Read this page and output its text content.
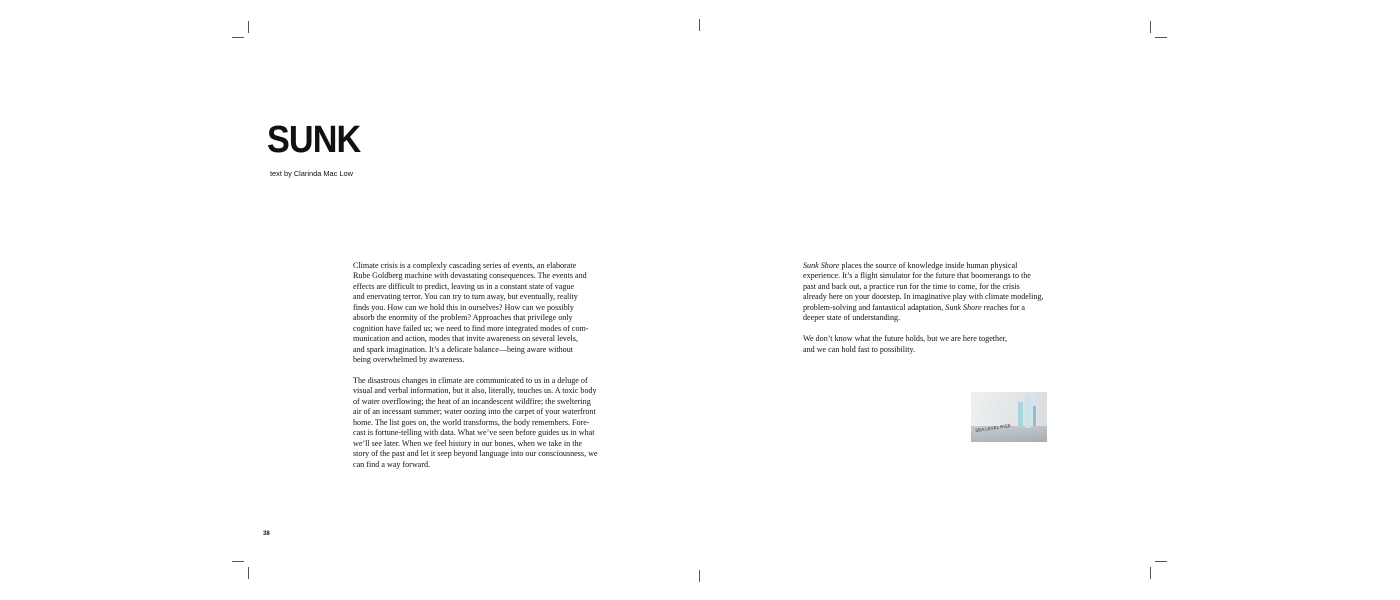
SUNK

text by Clarinda Mac Low

Climate crisis is a complexly cascading series of events, an elaborate
Rube Goldberg machine with devastating consequences. The events and
effects are difficult to predict, leaving us in a constant state of vague
and enervating terror. You can try to turn away, but eventually, reality
finds you. How can we hold this in ourselves? How can we possibly
absorb the enormity of the problem? Approaches that privilege only
cognition have failed us; we need to find more integrated modes of com-
munication and action, modes that invite awareness on several levels,
and spark imagination. It’s a delicate balance—being aware without
being overwhelmed by awareness.
The disastrous changes in climate are communicated to us in a deluge of
visual and verbal information, but it also, literally, touches us. A toxic body
of water overflowing; the heat of an incandescent wildfire; the sweltering
air of an incessant summer; water oozing into the carpet of your waterfront
home. The list goes on, the world transforms, the body remembers. Fore-
cast is fortune-telling with data. What we’ve seen before guides us in what
we’ll see later. When we feel history in our bones, when we take in the
story of the past and let it seep beyond language into our consciousness, we
can find a way forward.
Sunk Shore places the source of knowledge inside human physical
experience. It’s a flight simulator for the future that boomerangs to the
past and back out, a practice run for the time to come, for the crisis
already here on your doorstep. In imaginative play with climate modeling,
problem-solving and fantastical adaptation, Sunk Shore reaches for a
deeper state of understanding.
We don’t know what the future holds, but we are here together,
and we can hold fast to possibility.
SEA LEVEL RISE
38
